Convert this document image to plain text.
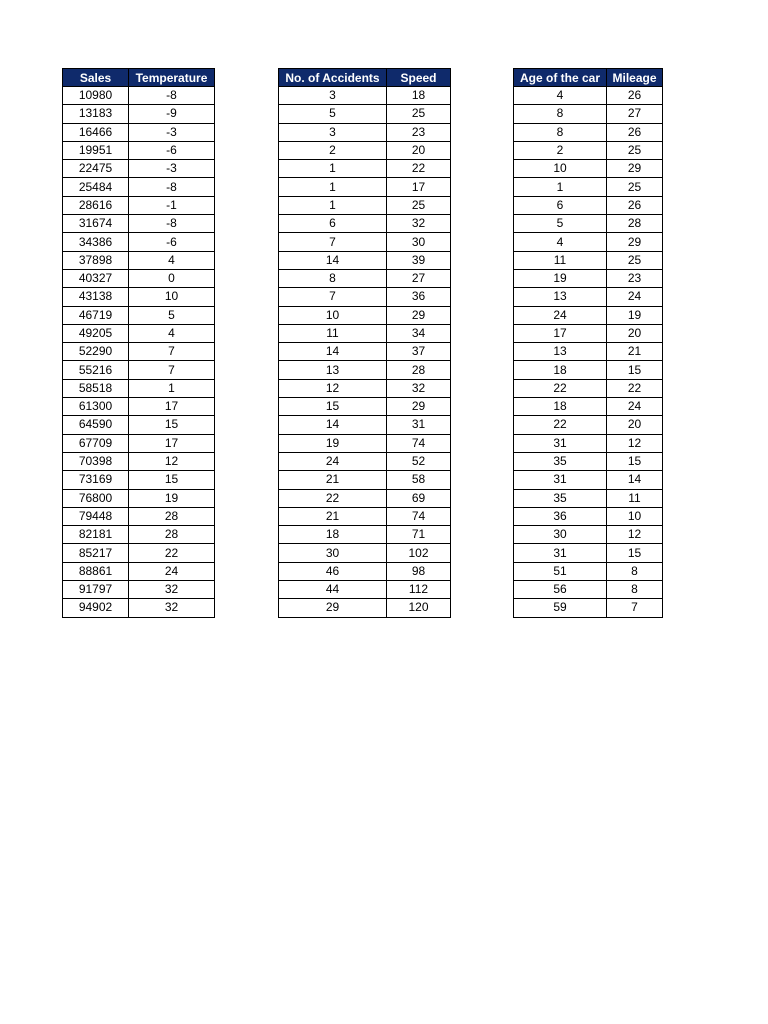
Sales	Temperature
10980	-8
13183	-9
16466	-3
19951	-6
22475	-3
25484	-8
28616	-1
31674	-8
34386	-6
37898	4
40327	0
43138	10
46719	5
49205	4
52290	7
55216	7
58518	1
61300	17
64590	15
67709	17
70398	12
73169	15
76800	19
79448	28
82181	28
85217	22
88861	24
91797	32
94902	32
No. of Accidents	Speed
3	18
5	25
3	23
2	20
1	22
1	17
1	25
6	32
7	30
14	39
8	27
7	36
10	29
11	34
14	37
13	28
12	32
15	29
14	31
19	74
24	52
21	58
22	69
21	74
18	71
30	102
46	98
44	112
29	120
Age of the car	Mileage
4	26
8	27
8	26
2	25
10	29
1	25
6	26
5	28
4	29
11	25
19	23
13	24
24	19
17	20
13	21
18	15
22	22
18	24
22	20
31	12
35	15
31	14
35	11
36	10
30	12
31	15
51	8
56	8
59	7
